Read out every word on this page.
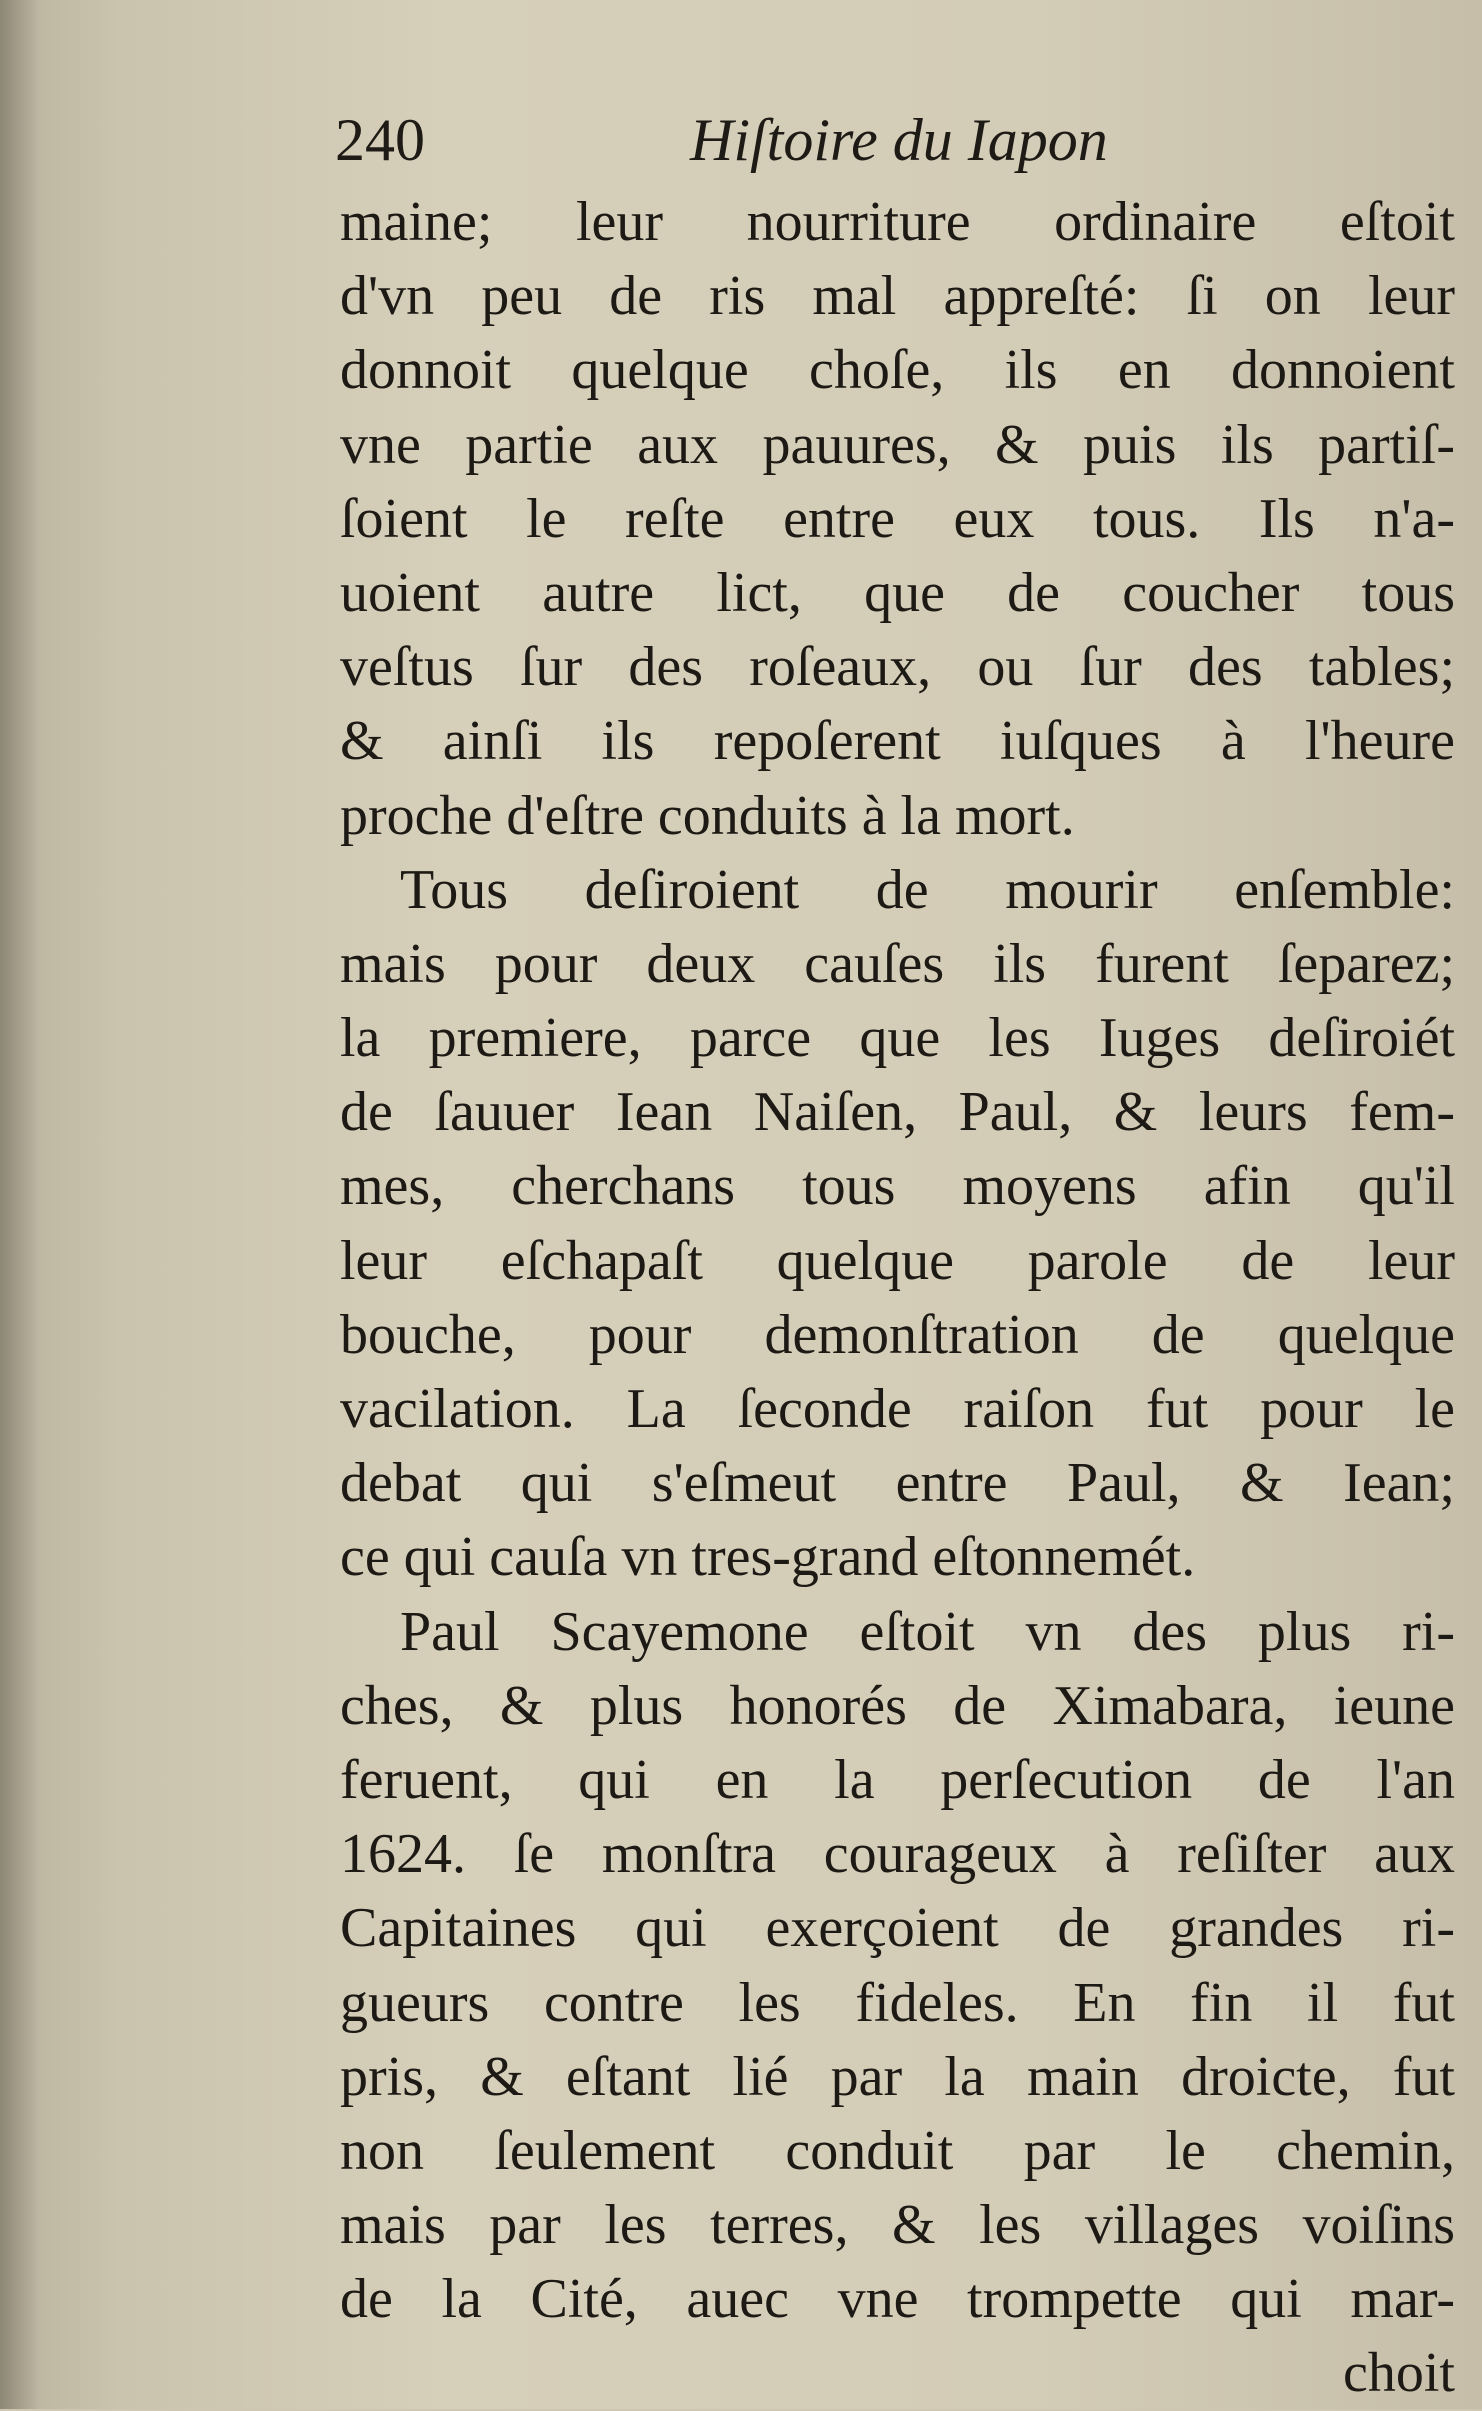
240	Hiſtoire du Iapon
maine; leur nourriture ordinaire eſtoit
d'vn peu de ris mal appreſté: ſi on leur
donnoit quelque choſe, ils en donnoient
vne partie aux pauures, & puis ils partiſ-
ſoient le reſte entre eux tous. Ils n'a-
uoient autre lict, que de coucher tous
veſtus ſur des roſeaux, ou ſur des tables;
& ainſi ils repoſerent iuſques à l'heure
proche d'eſtre conduits à la mort.
Tous deſiroient de mourir enſemble:
mais pour deux cauſes ils furent ſeparez;
la premiere, parce que les Iuges deſiroiét
de ſauuer Iean Naiſen, Paul, & leurs fem-
mes, cherchans tous moyens afin qu'il
leur eſchapaſt quelque parole de leur
bouche, pour demonſtration de quelque
vacilation. La ſeconde raiſon fut pour le
debat qui s'eſmeut entre Paul, & Iean;
ce qui cauſa vn tres-grand eſtonnemét.
Paul Scayemone eſtoit vn des plus ri-
ches, & plus honorés de Ximabara, ieune
feruent, qui en la perſecution de l'an
1624. ſe monſtra courageux à reſiſter aux
Capitaines qui exerçoient de grandes ri-
gueurs contre les fideles. En fin il fut
pris, & eſtant lié par la main droicte, fut
non ſeulement conduit par le chemin,
mais par les terres, & les villages voiſins
de la Cité, auec vne trompette qui mar-
choit
